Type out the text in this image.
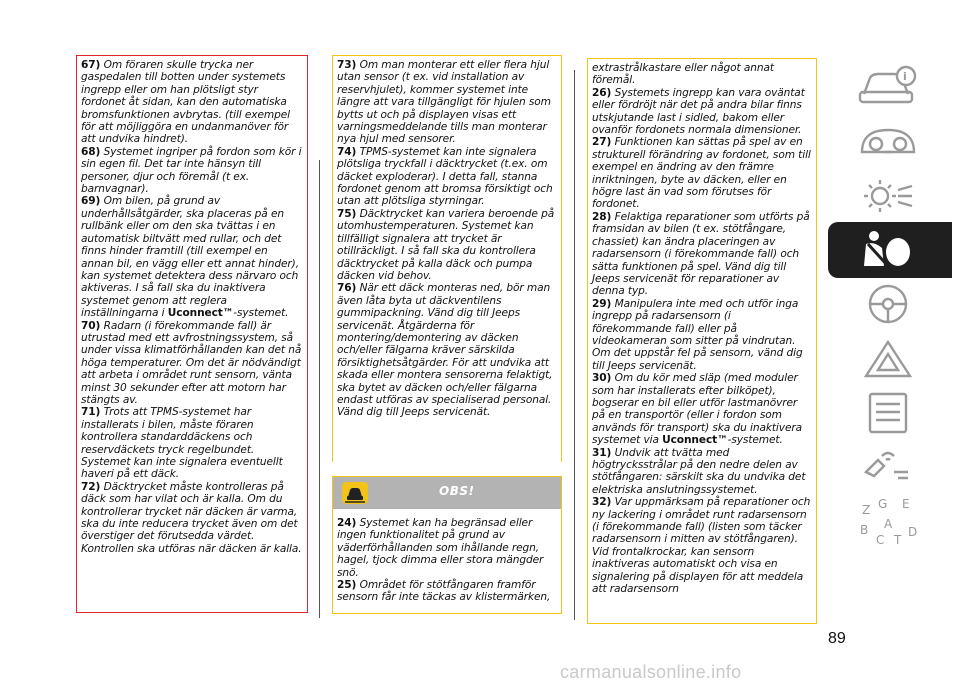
67) Om föraren skulle trycka ner gaspedalen till botten under systemets ingrepp eller om han plötsligt styr fordonet åt sidan, kan den automatiska bromsfunktionen avbrytas. (till exempel för att möjliggöra en undanmanöver för att undvika hindret).

68) Systemet ingriper på fordon som kör i sin egen fil. Det tar inte hänsyn till personer, djur och föremål (t ex. barnvagnar).

69) Om bilen, på grund av underhållsåtgärder, ska placeras på en rullbänk eller om den ska tvättas i en automatisk biltvätt med rullar, och det finns hinder framtill (till exempel en annan bil, en vägg eller ett annat hinder), kan systemet detektera dess närvaro och aktiveras. I så fall ska du inaktivera systemet genom att reglera inställningarna i Uconnect™-systemet.

70) Radarn (i förekommande fall) är utrustad med ett avfrostningssystem, så under vissa klimatförhållanden kan det nå höga temperaturer. Om det är nödvändigt att arbeta i området runt sensorn, vänta minst 30 sekunder efter att motorn har stängts av.

71) Trots att TPMS-systemet har installerats i bilen, måste föraren kontrollera standarddäckens och reservdäckets tryck regelbundet. Systemet kan inte signalera eventuellt haveri på ett däck.

72) Däcktrycket måste kontrolleras på däck som har vilat och är kalla. Om du kontrollerar trycket när däcken är varma, ska du inte reducera trycket även om det överstiger det förutsedda värdet. Kontrollen ska utföras när däcken är kalla.

73) Om man monterar ett eller flera hjul utan sensor (t ex. vid installation av reservhjulet), kommer systemet inte längre att vara tillgängligt för hjulen som bytts ut och på displayen visas ett varningsmeddelande tills man monterar nya hjul med sensorer.

74) TPMS-systemet kan inte signalera plötsliga tryckfall i däcktrycket (t.ex. om däcket exploderar). I detta fall, stanna fordonet genom att bromsa försiktigt och utan att plötsliga styrningar.

75) Däcktrycket kan variera beroende på utomhustemperaturen. Systemet kan tillfälligt signalera att trycket är otillräckligt. I så fall ska du kontrollera däcktrycket på kalla däck och pumpa däcken vid behov.

76) När ett däck monteras ned, bör man även låta byta ut däckventilens gummipackning. Vänd dig till Jeeps servicenät. Åtgärderna för montering/demontering av däcken och/eller fälgarna kräver särskilda försiktighetsåtgärder. För att undvika att skada eller montera sensorerna felaktigt, ska bytet av däcken och/eller fälgarna endast utföras av specialiserad personal. Vänd dig till Jeeps servicenät.

OBS!

24) Systemet kan ha begränsad eller ingen funktionalitet på grund av väderförhållanden som ihållande regn, hagel, tjock dimma eller stora mängder snö.

25) Området för stötfångaren framför sensorn får inte täckas av klistermärken,

extrastrålkastare eller något annat föremål.

26) Systemets ingrepp kan vara oväntat eller fördröjt när det på andra bilar finns utskjutande last i sidled, bakom eller ovanför fordonets normala dimensioner.

27) Funktionen kan sättas på spel av en strukturell förändring av fordonet, som till exempel en ändring av den främre inriktningen, byte av däcken, eller en högre last än vad som förutses för fordonet.

28) Felaktiga reparationer som utförts på framsidan av bilen (t ex. stötfångare, chassiet) kan ändra placeringen av radarsensorn (i förekommande fall) och sätta funktionen på spel. Vänd dig till Jeeps servicenät för reparationer av denna typ.

29) Manipulera inte med och utför inga ingrepp på radarsensorn (i förekommande fall) eller på videokameran som sitter på vindrutan. Om det uppstår fel på sensorn, vänd dig till Jeeps servicenät.

30) Om du kör med släp (med moduler som har installerats efter bilköpet), bogserar en bil eller utför lastmanövrer på en transportör (eller i fordon som används för transport) ska du inaktivera systemet via Uconnect™-systemet.

31) Undvik att tvätta med högtrycksstrålar på den nedre delen av stötfångaren: särskilt ska du undvika det elektriska anslutningssystemet.

32) Var uppmärksam på reparationer och ny lackering i området runt radarsensorn (i förekommande fall) (listen som täcker radarsensorn i mitten av stötfångaren). Vid frontalkrockar, kan sensorn inaktiveras automatiskt och visa en signalering på displayen för att meddela att radarsensorn

i
Z G E
B A
C T
D
89
carmanualsonline.info
